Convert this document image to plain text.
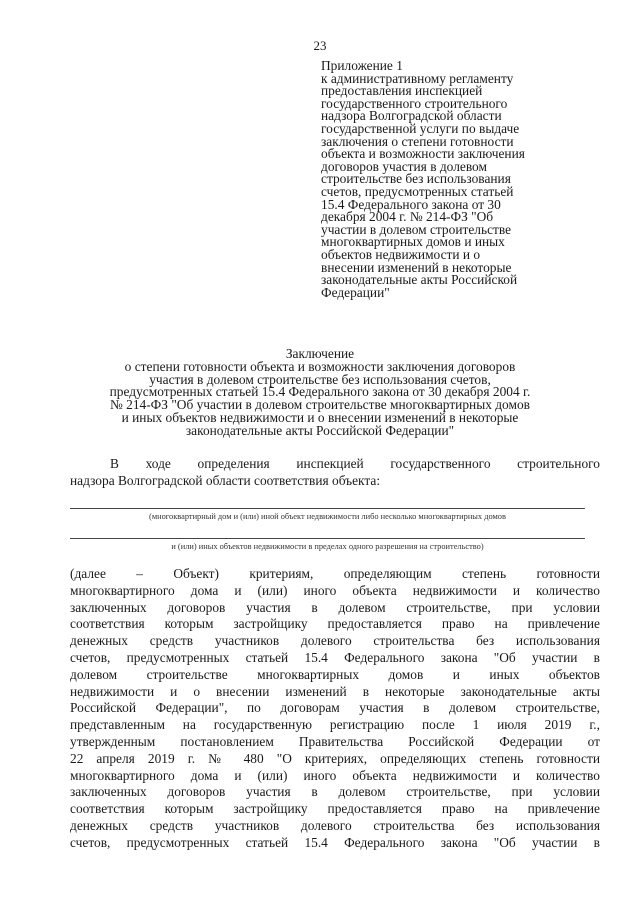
23
Приложение 1
к административному регламенту
предоставления инспекцией
государственного строительного
надзора Волгоградской области
государственной услуги по выдаче
заключения о степени готовности
объекта и возможности заключения
договоров участия в долевом
строительстве без использования
счетов, предусмотренных статьей
15.4 Федерального закона от 30
декабря 2004 г. № 214-ФЗ "Об
участии в долевом строительстве
многоквартирных домов и иных
объектов недвижимости и о
внесении изменений в некоторые
законодательные акты Российской
Федерации"
Заключение
о степени готовности объекта и возможности заключения договоров
участия в долевом строительстве без использования счетов,
предусмотренных статьей 15.4 Федерального закона от 30 декабря 2004 г.
№ 214-ФЗ "Об участии в долевом строительстве многоквартирных домов
и иных объектов недвижимости и о внесении изменений в некоторые
законодательные акты Российской Федерации"
В ходе определения инспекцией государственного строительного
надзора Волгоградской области соответствия объекта:
(многоквартирный дом и (или) иной объект недвижимости либо несколько многоквартирных домов
и (или) иных объектов недвижимости в пределах одного разрешения на строительство)
(далее – Объект) критериям, определяющим степень готовности
многоквартирного дома и (или) иного объекта недвижимости и количество
заключенных договоров участия в долевом строительстве, при условии
соответствия которым застройщику предоставляется право на привлечение
денежных средств участников долевого строительства без использования
счетов, предусмотренных статьей 15.4 Федерального закона "Об участии в
долевом строительстве многоквартирных домов и иных объектов
недвижимости и о внесении изменений в некоторые законодательные акты
Российской Федерации", по договорам участия в долевом строительстве,
представленным на государственную регистрацию после 1 июля 2019 г.,
утвержденным постановлением Правительства Российской Федерации от
22 апреля 2019 г. № 480 "О критериях, определяющих степень готовности
многоквартирного дома и (или) иного объекта недвижимости и количество
заключенных договоров участия в долевом строительстве, при условии
соответствия которым застройщику предоставляется право на привлечение
денежных средств участников долевого строительства без использования
счетов, предусмотренных статьей 15.4 Федерального закона "Об участии в
